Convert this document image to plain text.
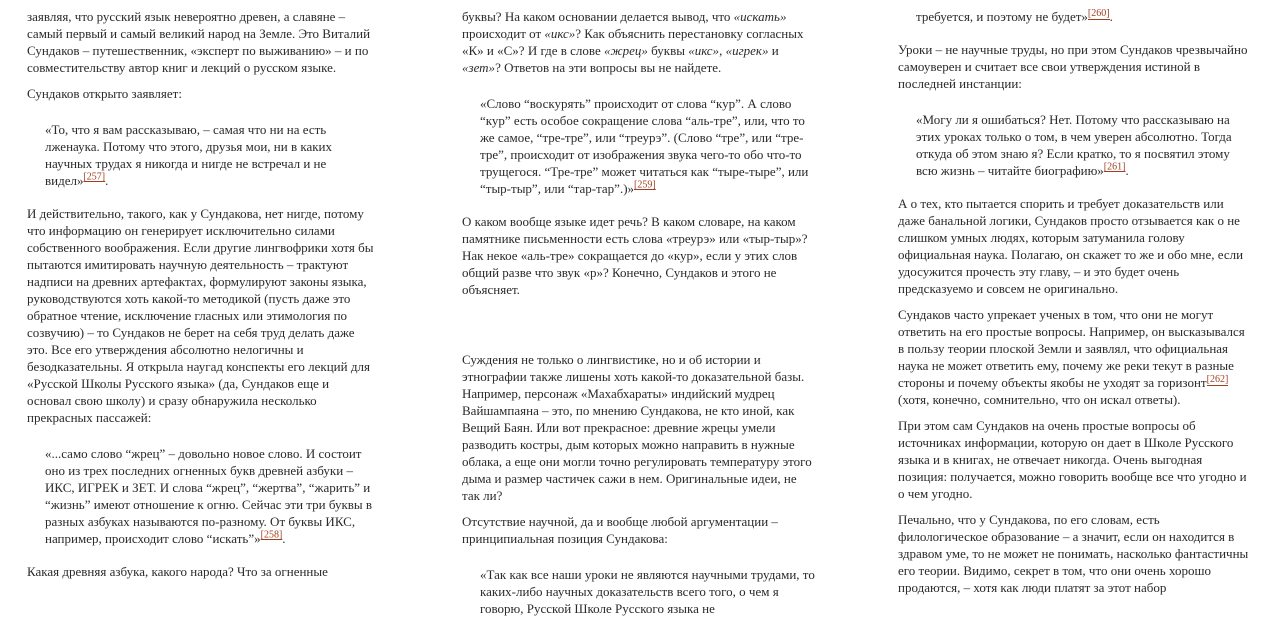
заявляя, что русский язык невероятно древен, а славяне – самый первый и самый великий народ на Земле. Это Виталий Сундаков – путешественник, «эксперт по выживанию» – и по совместительству автор книг и лекций о русском языке.

Сундаков открыто заявляет:

«То, что я вам рассказываю, – самая что ни на есть лженаука. Потому что этого, друзья мои, ни в каких научных трудах я никогда и нигде не встречал и не видел»[257].

И действительно, такого, как у Сундакова, нет нигде, потому что информацию он генерирует исключительно силами собственного воображения. Если другие лингвофрики хотя бы пытаются имитировать научную деятельность – трактуют надписи на древних артефактах, формулируют законы языка, руководствуются хоть какой-то методикой (пусть даже это обратное чтение, исключение гласных или этимология по созвучию) – то Сундаков не берет на себя труд делать даже это. Все его утверждения абсолютно нелогичны и безодказательны. Я открыла наугад конспекты его лекций для «Русской Школы Русского языка» (да, Сундаков еще и основал свою школу) и сразу обнаружила несколько прекрасных пассажей:

«...само слово “жрец” – довольно новое слово. И состоит оно из трех последних огненных букв древней азбуки – ИКС, ИГРЕК и ЗЕТ. И слова “жрец”, “жертва”, “жарить” и “жизнь” имеют отношение к огню. Сейчас эти три буквы в разных азбуках называются по-разному. От буквы ИКС, например, происходит слово “искать”»[258].

Какая древняя азбука, какого народа? Что за огненные

буквы? На каком основании делается вывод, что «искать» происходит от «икс»? Как объяснить перестановку согласных «К» и «С»? И где в слове «жрец» буквы «икс», «игрек» и «зет»? Ответов на эти вопросы вы не найдете.

«Слово “воскурять” происходит от слова “кур”. А слово “кур” есть особое сокращение слова “аль-тре”, или, что то же самое, “тре-тре”, или “треурэ”. (Слово “тре”, или “тре-тре”, происходит от изображения звука чего-то обо что-то трущегося. “Тре-тре” может читаться как “тыре-тыре”, или “тыр-тыр”, или “тар-тар”.)»[259]

О каком вообще языке идет речь? В каком словаре, на каком памятнике письменности есть слова «треурэ» или «тыр-тыр»? Нак некое «аль-тре» сокращается до «кур», если у этих слов общий разве что звук «р»? Конечно, Сундаков и этого не объясняет.

Суждения не только о лингвистике, но и об истории и этнографии также лишены хоть какой-то доказательной базы. Например, персонаж «Махабхараты» индийский мудрец Вайшампаяна – это, по мнению Сундакова, не кто иной, как Вещий Баян. Или вот прекрасное: древние жрецы умели разводить костры, дым которых можно направить в нужные облака, а еще они могли точно регулировать температуру этого дыма и размер частичек сажи в нем. Оригинальные идеи, не так ли?

Отсутствие научной, да и вообще любой аргументации – принципиальная позиция Сундакова:

«Так как все наши уроки не являются научными трудами, то каких-либо научных доказательств всего того, о чем я говорю, Русской Школе Русского языка не

требуется, и поэтому не будет»[260].

Уроки – не научные труды, но при этом Сундаков чрезвычайно самоуверен и считает все свои утверждения истиной в последней инстанции:

«Могу ли я ошибаться? Нет. Потому что рассказываю на этих уроках только о том, в чем уверен абсолютно. Тогда откуда об этом знаю я? Если кратко, то я посвятил этому всю жизнь – читайте биографию»[261].

А о тех, кто пытается спорить и требует доказательств или даже банальной логики, Сундаков просто отзывается как о не слишком умных людях, которым затуманила голову официальная наука. Полагаю, он скажет то же и обо мне, если удосужится прочесть эту главу, – и это будет очень предсказуемо и совсем не оригинально.

Сундаков часто упрекает ученых в том, что они не могут ответить на его простые вопросы. Например, он высказывался в пользу теории плоской Земли и заявлял, что официальная наука не может ответить ему, почему же реки текут в разные стороны и почему объекты якобы не уходят за горизонт[262] (хотя, конечно, сомнительно, что он искал ответы).

При этом сам Сундаков на очень простые вопросы об источниках информации, которую он дает в Школе Русского языка и в книгах, не отвечает никогда. Очень выгодная позиция: получается, можно говорить вообще все что угодно и о чем угодно.

Печально, что у Сундакова, по его словам, есть филологическое образование – а значит, если он находится в здравом уме, то не может не понимать, насколько фантастичны его теории. Видимо, секрет в том, что они очень хорошо продаются, – хотя как люди платят за этот набор
